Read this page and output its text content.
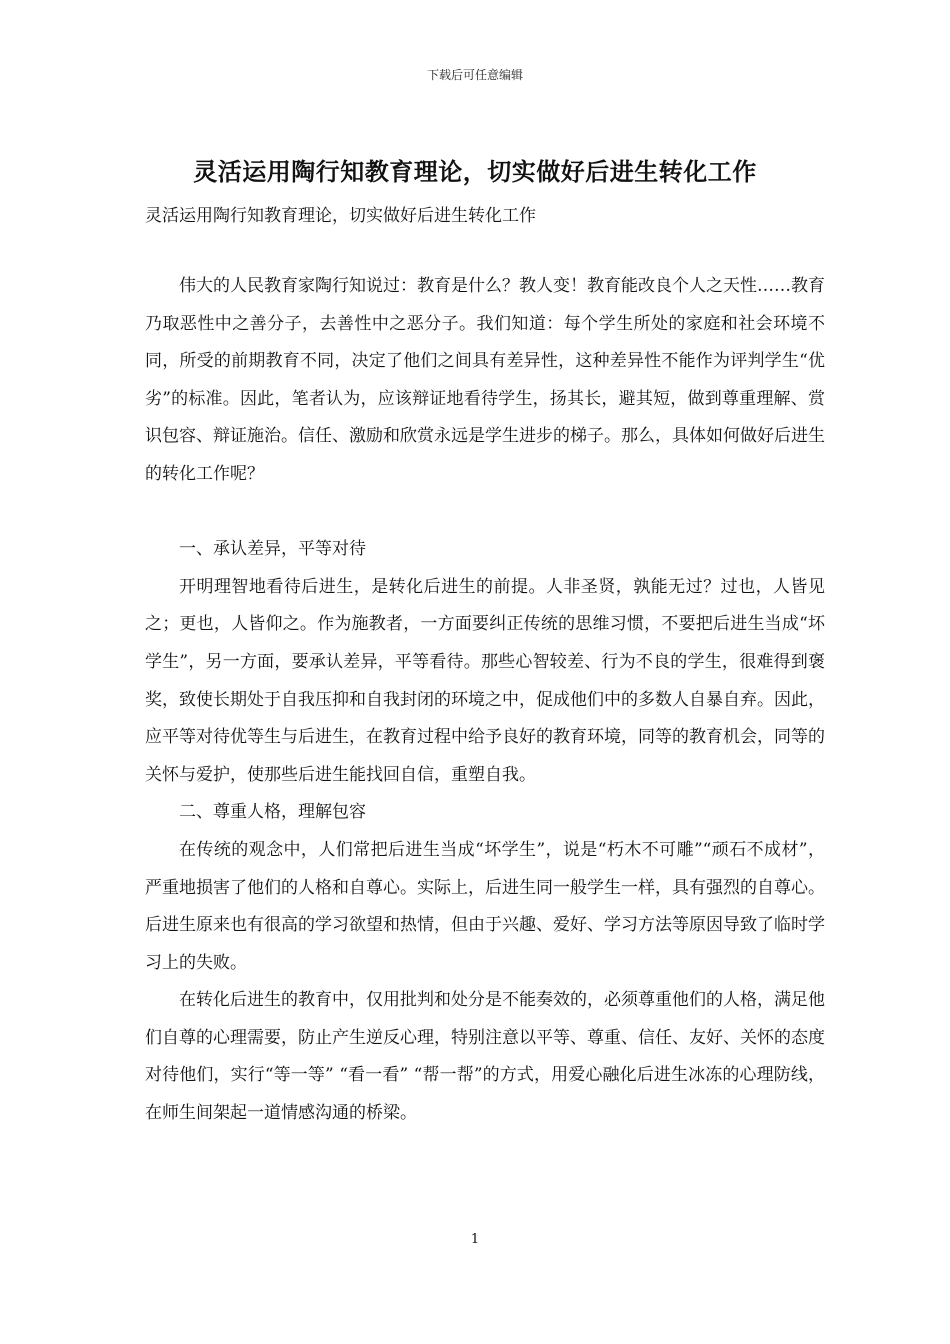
下载后可任意编辑
灵活运用陶行知教育理论，切实做好后进生转化工作
灵活运用陶行知教育理论，切实做好后进生转化工作

伟大的人民教育家陶行知说过：教育是什么？教人变！教育能改良个人之天性……教育乃取恶性中之善分子，去善性中之恶分子。我们知道：每个学生所处的家庭和社会环境不同，所受的前期教育不同，决定了他们之间具有差异性，这种差异性不能作为评判学生“优劣”的标准。因此，笔者认为，应该辩证地看待学生，扬其长，避其短，做到尊重理解、赏识包容、辩证施治。信任、激励和欣赏永远是学生进步的梯子。那么，具体如何做好后进生的转化工作呢？

一、承认差异，平等对待

开明理智地看待后进生，是转化后进生的前提。人非圣贤，孰能无过？过也，人皆见之；更也，人皆仰之。作为施教者，一方面要纠正传统的思维习惯，不要把后进生当成“坏学生”，另一方面，要承认差异，平等看待。那些心智较差、行为不良的学生，很难得到褒奖，致使长期处于自我压抑和自我封闭的环境之中，促成他们中的多数人自暴自弃。因此，应平等对待优等生与后进生，在教育过程中给予良好的教育环境，同等的教育机会，同等的关怀与爱护，使那些后进生能找回自信，重塑自我。

二、尊重人格，理解包容

在传统的观念中，人们常把后进生当成“坏学生”，说是“朽木不可雕”“顽石不成材”，严重地损害了他们的人格和自尊心。实际上，后进生同一般学生一样，具有强烈的自尊心。后进生原来也有很高的学习欲望和热情，但由于兴趣、爱好、学习方法等原因导致了临时学习上的失败。

在转化后进生的教育中，仅用批判和处分是不能奏效的，必须尊重他们的人格，满足他们自尊的心理需要，防止产生逆反心理，特别注意以平等、尊重、信任、友好、关怀的态度对待他们，实行“等一等” “看一看” “帮一帮”的方式，用爱心融化后进生冰冻的心理防线，在师生间架起一道情感沟通的桥梁。

1
